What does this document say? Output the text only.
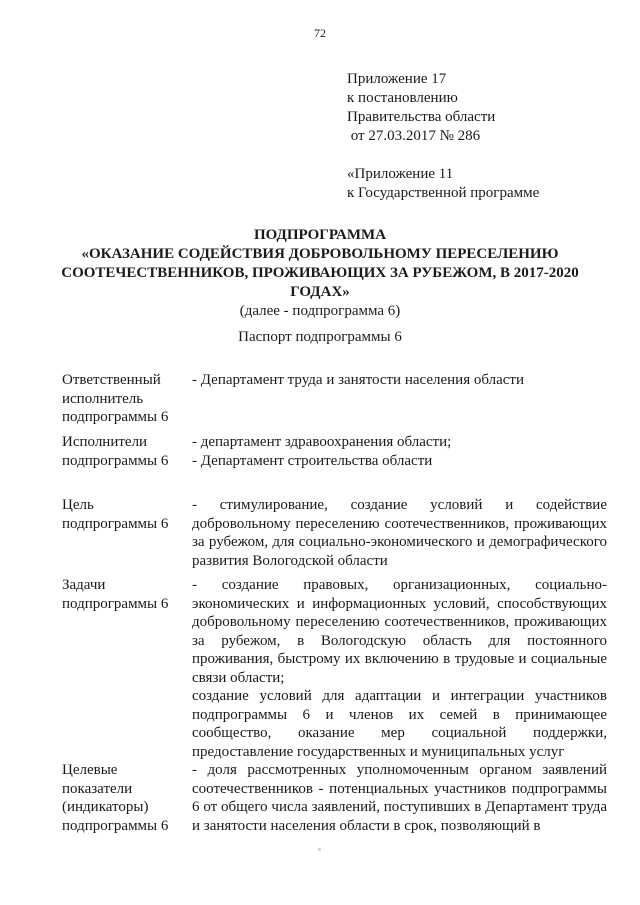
72
Приложение 17
к постановлению
Правительства области
от 27.03.2017 № 286
«Приложение 11
к Государственной программе
ПОДПРОГРАММА
«ОКАЗАНИЕ СОДЕЙСТВИЯ ДОБРОВОЛЬНОМУ ПЕРЕСЕЛЕНИЮ СООТЕЧЕСТВЕННИКОВ, ПРОЖИВАЮЩИХ ЗА РУБЕЖОМ, В 2017-2020 ГОДАХ»
(далее - подпрограмма 6)
Паспорт подпрограммы 6
Ответственный
исполнитель
подпрограммы 6

- Департамент труда и занятости населения области

Исполнители
подпрограммы 6

- департамент здравоохранения области;

- Департамент строительства области

Цель
подпрограммы 6

- стимулирование, создание условий и содействие добровольному переселению соотечественников, проживающих за рубежом, для социально-экономического и демографического развития Вологодской области

Задачи
подпрограммы 6

- создание правовых, организационных, социально-экономических и информационных условий, способствующих добровольному переселению соотечественников, проживающих за рубежом, в Вологодскую область для постоянного проживания, быстрому их включению в трудовые и социальные связи области;

создание условий для адаптации и интеграции участников подпрограммы 6 и членов их семей в принимающее сообщество, оказание мер социальной поддержки, предоставление государственных и муниципальных услуг

Целевые
показатели
(индикаторы)
подпрограммы 6

- доля рассмотренных уполномоченным органом заявлений соотечественников - потенциальных участников подпрограммы 6 от общего числа заявлений, поступивших в Департамент труда и занятости населения области в срок, позволяющий в
